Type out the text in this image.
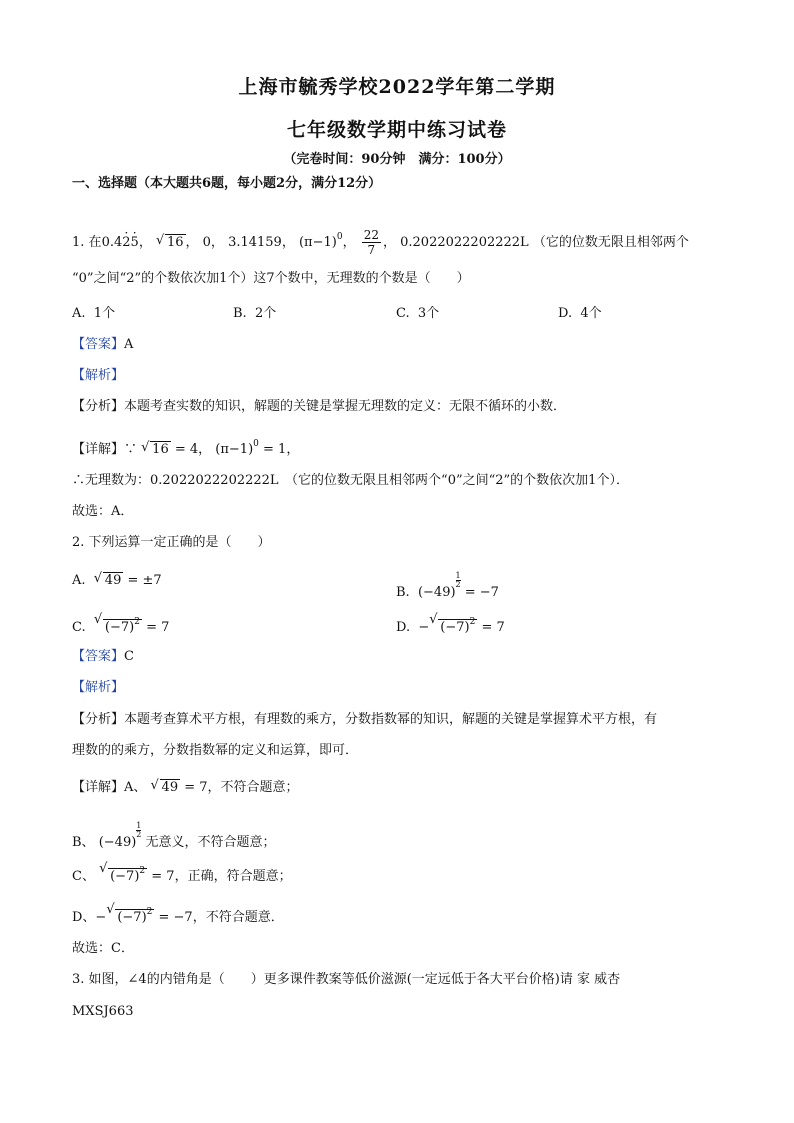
上海市毓秀学校2022学年第二学期
七年级数学期中练习试卷
（完卷时间：90分钟　满分：100分）
一、选择题（本大题共6题，每小题2分，满分12分）
1. 在0.42 ·5 ·， √ 16 ， 0， 3.14159， $(\pi-1)^0$， $\frac{22}{7}$ ， 0.2022022202222L （它的位数无限且相邻两个
“0”之间“2”的个数依次加1个）这7个数中，无理数的个数是（　　）
A. 1个	B. 2个	C. 3个	D. 4个
【答案】A
【解析】
【分析】本题考查实数的知识，解题的关键是掌握无理数的定义：无限不循环的小数．
【详解】∵ √ 16 = 4， $(\pi-1)^0 = 1$，
∴无理数为：0.2022022202222L　（它的位数无限且相邻两个“0”之间“2”的个数依次加1个）．
故选：A．
2. 下列运算一定正确的是（　　）
A. √ 49 = ±7
B. (−49)
$\frac{1}{2}$
= −7
C. √ $(-7)^2 = 7$	D. − √ $(-7)^2 = 7$
【答案】C
【解析】
【分析】本题考查算术平方根，有理数的乘方，分数指数幂的知识，解题的关键是掌握算术平方根，有
理数的的乘方，分数指数幂的定义和运算，即可．
【详解】A、 √ 49 = 7，不符合题意；
B、 (−49)
$\frac{1}{2}$
无意义，不符合题意；
C、 √ $(-7)^2 = 7$，正确，符合题意；
D、− √ $(-7)^2 = -7$，不符合题意．
故选：C．
3. 如图，∠4的内错角是（　　）更多课件教案等低价滋源(一定远低于各大平台价格)请 家 威杏
MXSJ663
